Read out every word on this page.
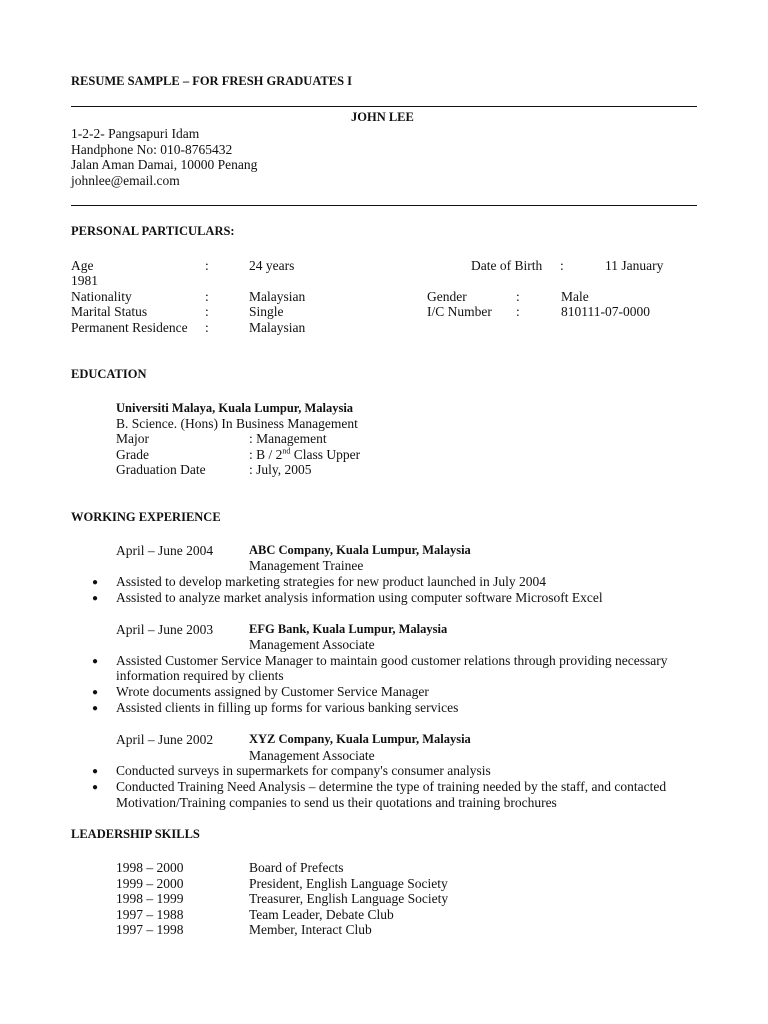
RESUME SAMPLE – FOR FRESH GRADUATES I
JOHN LEE
1-2-2- Pangsapuri Idam
Handphone No: 010-8765432
Jalan Aman Damai, 10000 Penang
johnlee@email.com
PERSONAL PARTICULARS:
Age	:	24 years	Date of Birth :	11 January
1981
Nationality	:	Malaysian	Gender	:	Male
Marital Status	:	Single	I/C Number :	810111-07-0000
Permanent Residence :	Malaysian
EDUCATION
Universiti Malaya, Kuala Lumpur, Malaysia
B. Science. (Hons) In Business Management
Major	: Management
Grade	: B / 2nd Class Upper
Graduation Date	: July, 2005
WORKING EXPERIENCE
April – June 2004	ABC Company, Kuala Lumpur, Malaysia
Management Trainee
● Assisted to develop marketing strategies for new product launched in July 2004
● Assisted to analyze market analysis information using computer software Microsoft Excel
April – June 2003	EFG Bank, Kuala Lumpur, Malaysia
Management Associate
● Assisted Customer Service Manager to maintain good customer relations through providing necessary
information required by clients
● Wrote documents assigned by Customer Service Manager
● Assisted clients in filling up forms for various banking services
April – June 2002	XYZ Company, Kuala Lumpur, Malaysia
Management Associate
● Conducted surveys in supermarkets for company's consumer analysis
● Conducted Training Need Analysis – determine the type of training needed by the staff, and contacted
Motivation/Training companies to send us their quotations and training brochures
LEADERSHIP SKILLS
1998 – 2000	Board of Prefects
1999 – 2000	President, English Language Society
1998 – 1999	Treasurer, English Language Society
1997 – 1988	Team Leader, Debate Club
1997 – 1998	Member, Interact Club
